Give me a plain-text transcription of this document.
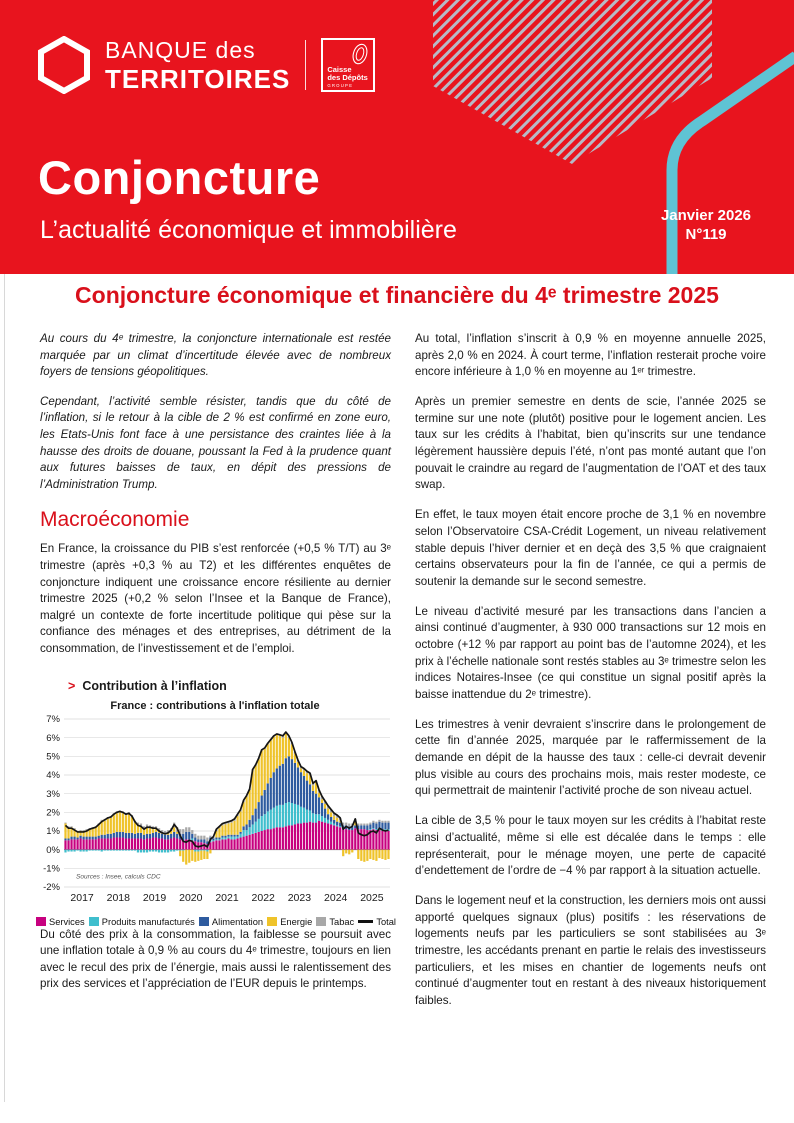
BANQUE des
TERRITOIRES	Caisse
des Dépôts
GROUPE
Conjoncture
L’actualité économique et immobilière
Janvier 2026
N°119
Conjoncture économique et financière du 4ᵉ trimestre 2025

Au cours du 4ᵉ trimestre, la conjoncture internationale est restée marquée par un climat d’incertitude élevée avec de nombreux foyers de tensions géopolitiques.

Cependant, l’activité semble résister, tandis que du côté de l’inflation, si le retour à la cible de 2 % est confirmé en zone euro, les Etats-Unis font face à une persistance des craintes liée à la hausse des droits de douane, poussant la Fed à la prudence quant aux futures baisses de taux, en dépit des pressions de l’Administration Trump.

Macroéconomie

En France, la croissance du PIB s’est renforcée (+0,5 % T/T) au 3ᵉ trimestre (après +0,3 % au T2) et les différentes enquêtes de conjoncture indiquent une croissance encore résiliente au dernier trimestre 2025 (+0,2 % selon l’Insee et la Banque de France), malgré un contexte de forte incertitude politique qui pèse sur la confiance des ménages et des entreprises, au détriment de la consommation, de l’investissement et de l’emploi.

> Contribution à l’inflation
-2%
-1%
0%
1%
2%
3%
4%
5%
6%
7%
2017 2018 2019 2020 2021 2022 2023 2024 2025
France : contributions à l'inflation totale
Sources : Insee, calculs CDC
Services Produits manufacturés Alimentation Energie Tabac Total

Du côté des prix à la consommation, la faiblesse se poursuit avec une inflation totale à 0,9 % au cours du 4ᵉ trimestre, toujours en lien avec le recul des prix de l’énergie, mais aussi le ralentissement des prix des services et l’appréciation de l’EUR depuis le printemps.

Au total, l’inflation s’inscrit à 0,9 % en moyenne annuelle 2025, après 2,0 % en 2024. À court terme, l’inflation resterait proche voire encore inférieure à 1,0 % en moyenne au 1ᵉʳ trimestre.

Après un premier semestre en dents de scie, l’année 2025 se termine sur une note (plutôt) positive pour le logement ancien. Les taux sur les crédits à l’habitat, bien qu’inscrits sur une tendance légèrement haussière depuis l’été, n’ont pas monté autant que l’on pouvait le craindre au regard de l’augmentation de l’OAT et des taux swap.

En effet, le taux moyen était encore proche de 3,1 % en novembre selon l’Observatoire CSA-Crédit Logement, un niveau relativement stable depuis l’hiver dernier et en deçà des 3,5 % que craignaient certains observateurs pour la fin de l’année, ce qui a permis de soutenir la demande sur le second semestre.

Le niveau d’activité mesuré par les transactions dans l’ancien a ainsi continué d’augmenter, à 930 000 transactions sur 12 mois en octobre (+12 % par rapport au point bas de l’automne 2024), et les prix à l’échelle nationale sont restés stables au 3ᵉ trimestre selon les indices Notaires-Insee (ce qui constitue un signal positif après la baisse inattendue du 2ᵉ trimestre).

Les trimestres à venir devraient s’inscrire dans le prolongement de cette fin d’année 2025, marquée par le raffermissement de la demande en dépit de la hausse des taux : celle-ci devrait devenir plus visible au cours des prochains mois, mais rester modeste, ce qui permettrait de maintenir l’activité proche de son niveau actuel.

La cible de 3,5 % pour le taux moyen sur les crédits à l’habitat reste ainsi d’actualité, même si elle est décalée dans le temps : elle représenterait, pour le ménage moyen, une perte de capacité d’endettement de l’ordre de −4 % par rapport à la situation actuelle.

Dans le logement neuf et la construction, les derniers mois ont aussi apporté quelques signaux (plus) positifs : les réservations de logements neufs par les particuliers se sont stabilisées au 3ᵉ trimestre, les accédants prenant en partie le relais des investisseurs particuliers, et les mises en chantier de logements neufs ont continué d’augmenter tout en restant à des niveaux historiquement faibles.
